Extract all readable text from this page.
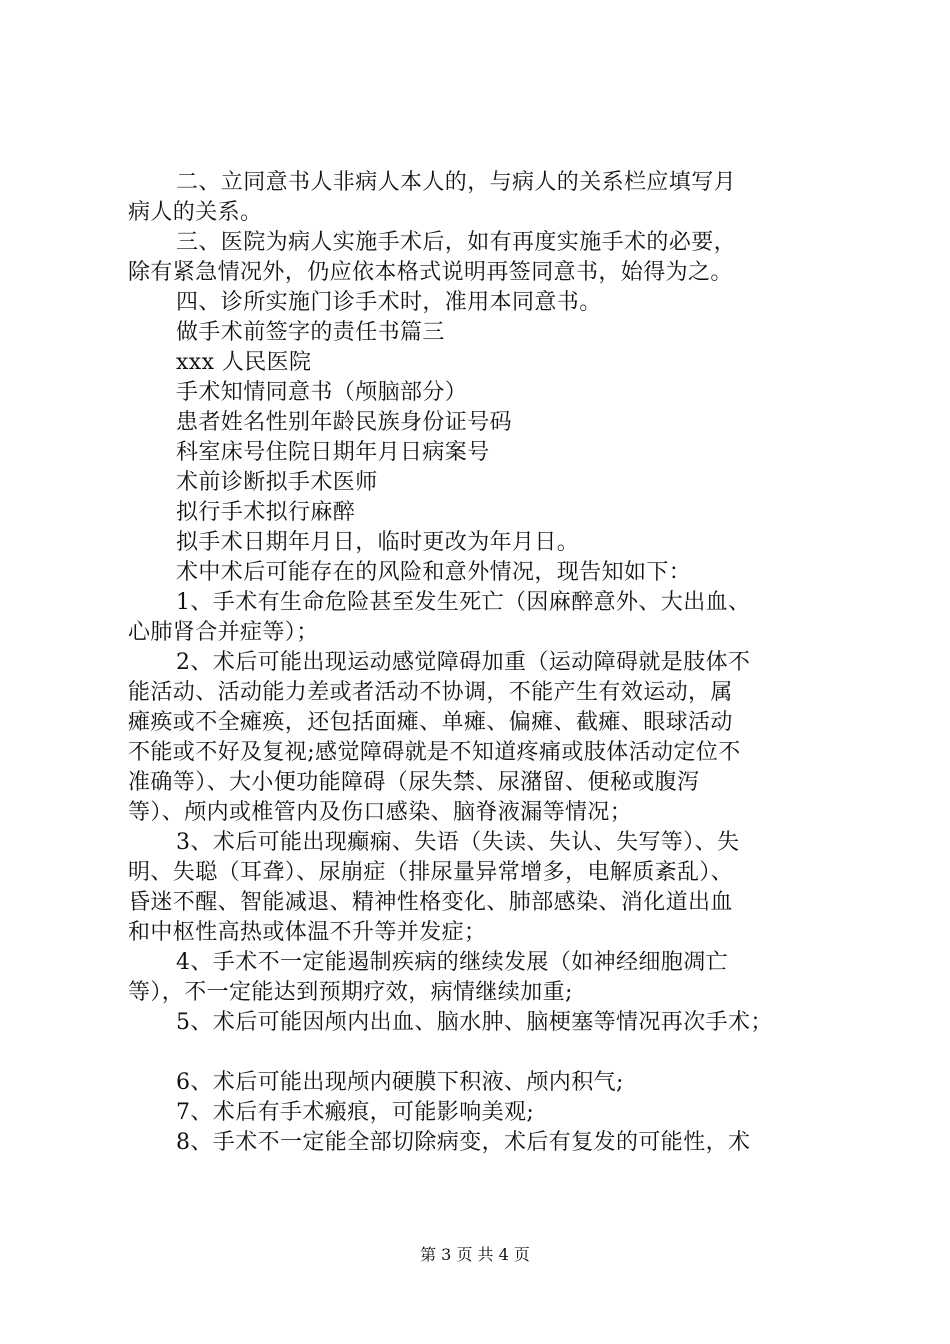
二、立同意书人非病人本人的，与病人的关系栏应填写月
病人的关系。
三、医院为病人实施手术后，如有再度实施手术的必要，
除有紧急情况外，仍应依本格式说明再签同意书，始得为之。
四、诊所实施门诊手术时，准用本同意书。
做手术前签字的责任书篇三
xxx 人民医院
手术知情同意书（颅脑部分）
患者姓名性别年龄民族身份证号码
科室床号住院日期年月日病案号
术前诊断拟手术医师
拟行手术拟行麻醉
拟手术日期年月日，临时更改为年月日。
术中术后可能存在的风险和意外情况，现告知如下：
1、手术有生命危险甚至发生死亡（因麻醉意外、大出血、
心肺肾合并症等）；
2、术后可能出现运动感觉障碍加重（运动障碍就是肢体不
能活动、活动能力差或者活动不协调，不能产生有效运动，属
瘫痪或不全瘫痪，还包括面瘫、单瘫、偏瘫、截瘫、眼球活动
不能或不好及复视;感觉障碍就是不知道疼痛或肢体活动定位不
准确等）、大小便功能障碍（尿失禁、尿潴留、便秘或腹泻
等）、颅内或椎管内及伤口感染、脑脊液漏等情况；
3、术后可能出现癫痫、失语（失读、失认、失写等）、失
明、失聪（耳聋）、尿崩症（排尿量异常增多，电解质紊乱）、
昏迷不醒、智能减退、精神性格变化、肺部感染、消化道出血
和中枢性高热或体温不升等并发症；
4、手术不一定能遏制疾病的继续发展（如神经细胞凋亡
等），不一定能达到预期疗效，病情继续加重;
5、术后可能因颅内出血、脑水肿、脑梗塞等情况再次手术；
6、术后可能出现颅内硬膜下积液、颅内积气;
7、术后有手术瘢痕，可能影响美观;
8、手术不一定能全部切除病变，术后有复发的可能性，术
第 3 页 共 4 页
